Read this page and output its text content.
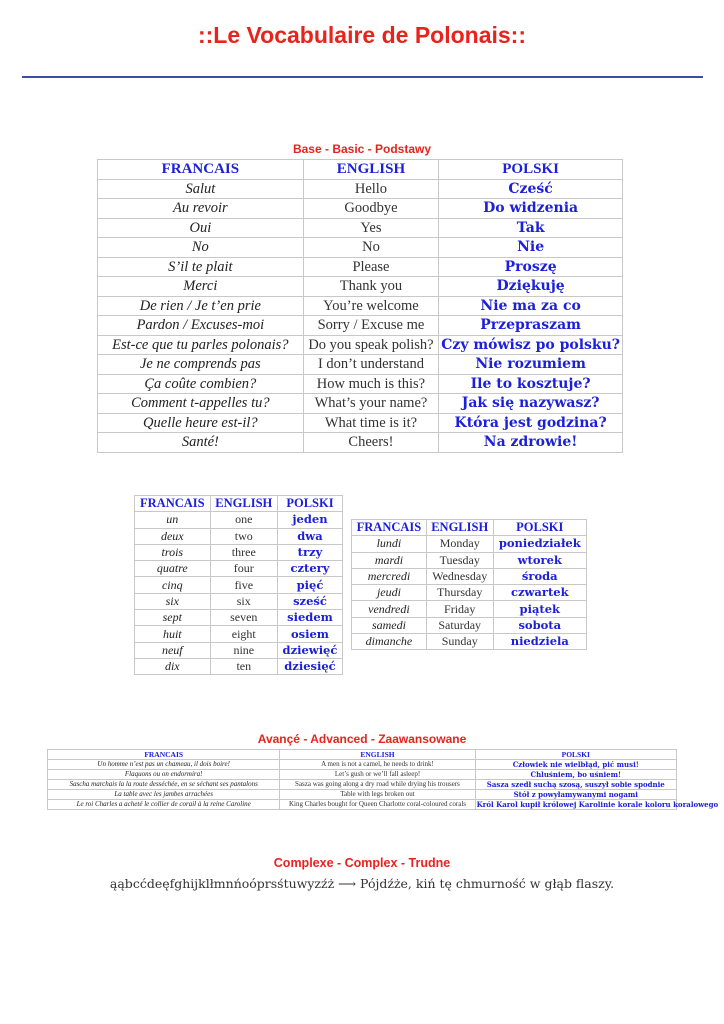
::Le Vocabulaire de Polonais::
Base - Basic - Podstawy
FRANCAIS	ENGLISH	POLSKI
Salut	Hello	Cześć
Au revoir	Goodbye	Do widzenia
Oui	Yes	Tak
No	No	Nie
S’il te plait	Please	Proszę
Merci	Thank you	Dziękuję
De rien / Je t’en prie	You’re welcome	Nie ma za co
Pardon / Excuses-moi	Sorry / Excuse me	Przepraszam
Est-ce que tu parles polonais?	Do you speak polish?	Czy mówisz po polsku?
Je ne comprends pas	I don’t understand	Nie rozumiem
Ça coûte combien?	How much is this?	Ile to kosztuje?
Comment t-appelles tu?	What’s your name?	Jak się nazywasz?
Quelle heure est-il?	What time is it?	Która jest godzina?
Santé!	Cheers!	Na zdrowie!
FRANCAIS	ENGLISH	POLSKI
un	one	jeden
deux	two	dwa
trois	three	trzy
quatre	four	cztery
cinq	five	pięć
six	six	sześć
sept	seven	siedem
huit	eight	osiem
neuf	nine	dziewięć
dix	ten	dziesięć
FRANCAIS	ENGLISH	POLSKI
lundi	Monday	poniedziałek
mardi	Tuesday	wtorek
mercredi	Wednesday	środa
jeudi	Thursday	czwartek
vendredi	Friday	piątek
samedi	Saturday	sobota
dimanche	Sunday	niedziela
Avançé - Advanced - Zaawansowane
FRANCAIS	ENGLISH	POLSKI
Un homme n’est pas un chameau, il dois boire!	A men is not a camel, he needs to drink!	Człowiek nie wielbłąd, pić musi!
Flaquons ou on endormira!	Let’s gush or we’ll fall asleep!	Chluśniem, bo uśniem!
Sascha marchais la la route desséchée, en se séchant ses pantalons	Sasza was going along a dry road while drying his trousers	Sasza szedł suchą szosą, suszył sobie spodnie
La table avec les jambes arrachées	Table with legs broken out	Stół z powyłamywanymi nogami
Le roi Charles a acheté le collier de corail à la reine Caroline	King Charles bought for Queen Charlotte coral-coloured corals	Król Karol kupił królowej Karolinie korale koloru koralowego
Complexe - Complex - Trudne

ąąbcćdeęfghijklłmnńoóprsśtuwyzźż ⟶ Pójdźże, kiń tę chmurność w głąb flaszy.
